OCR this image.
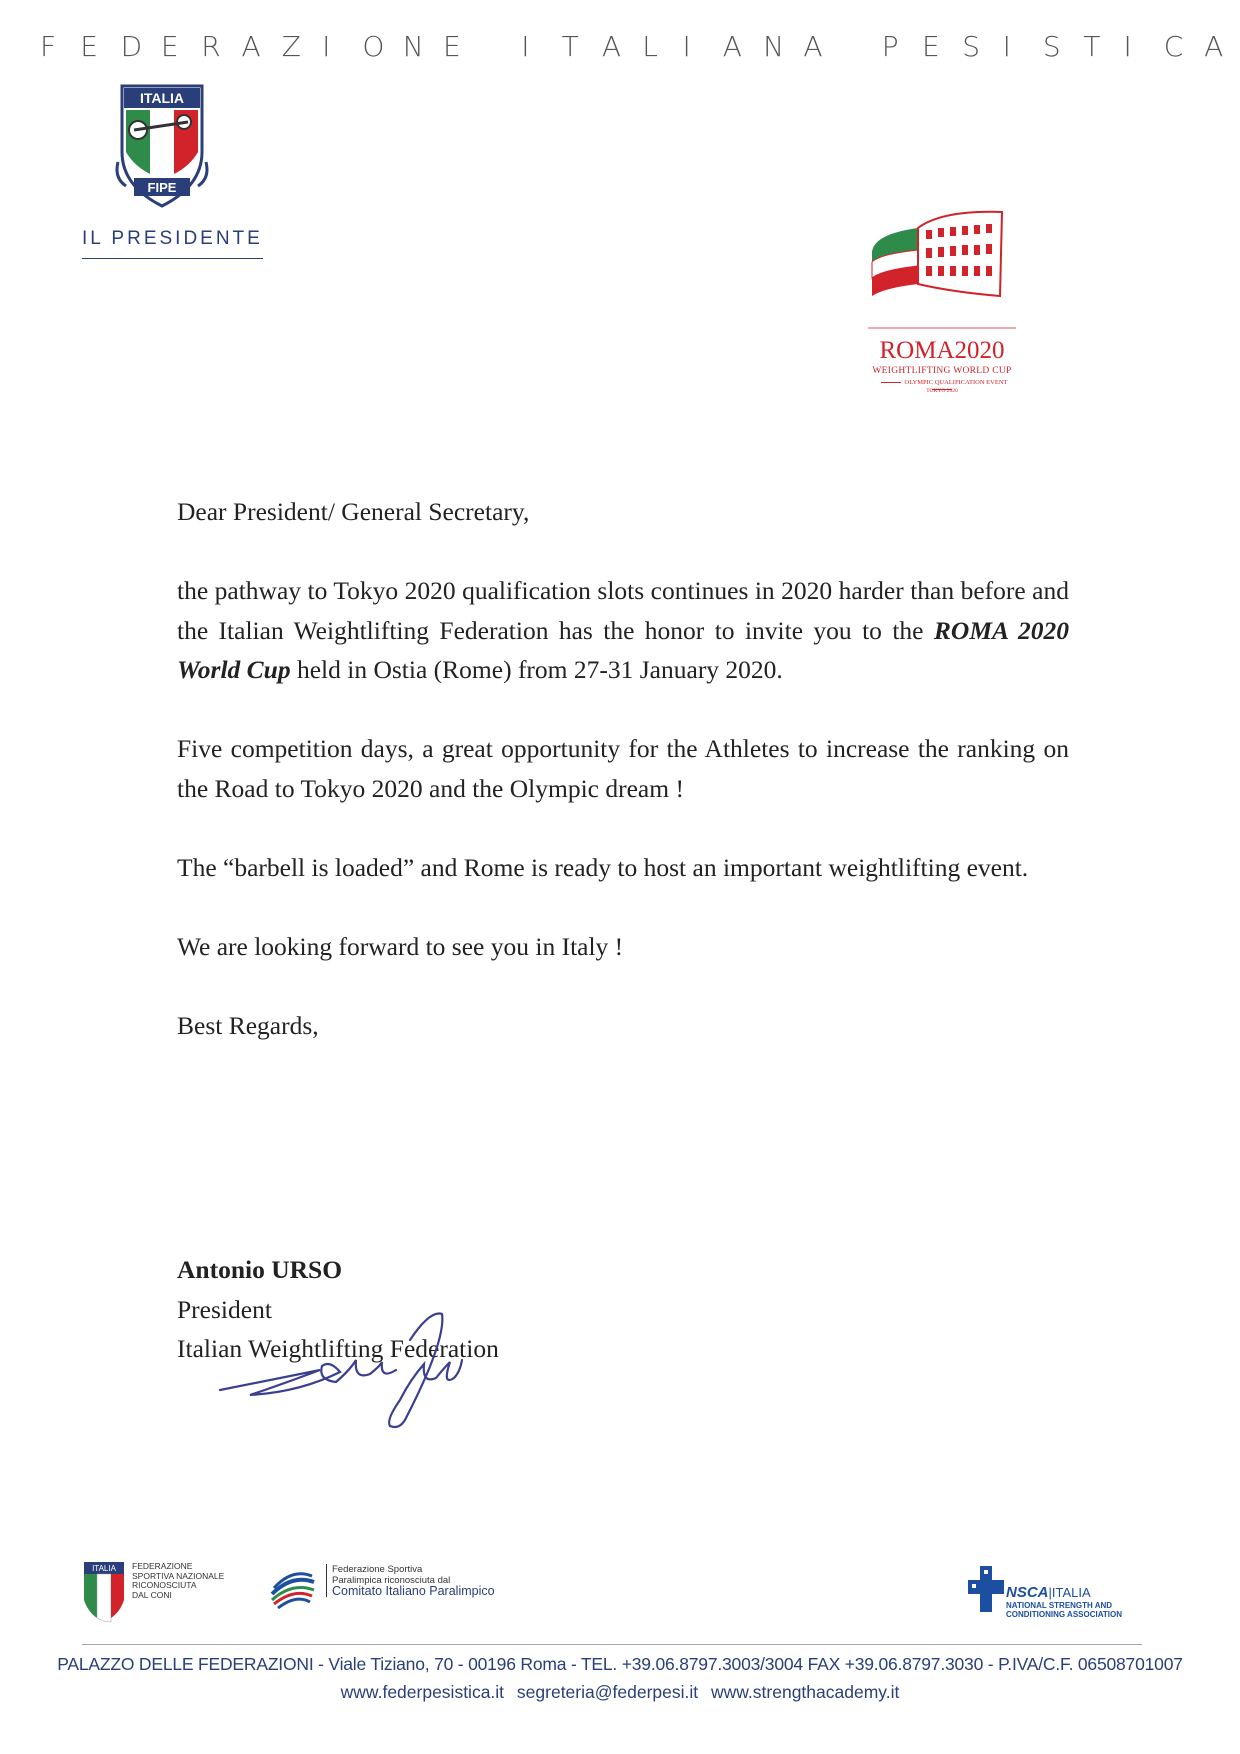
F E D E R A Z I O N E I T A L I A N A P E S I S T I C A
ITALIA
FIPE
IL PRESIDENTE
ROMA2020
WEIGHTLIFTING WORLD CUP
OLYMPIC QUALIFICATION EVENT
TOKYO 2020

Dear President/ General Secretary,

the pathway to Tokyo 2020 qualification slots continues in 2020 harder than before and the Italian Weightlifting Federation has the honor to invite you to the ROMA 2020 World Cup held in Ostia (Rome) from 27-31 January 2020.

Five competition days, a great opportunity for the Athletes to increase the ranking on the Road to Tokyo 2020 and the Olympic dream !

The “barbell is loaded” and Rome is ready to host an important weightlifting event.

We are looking forward to see you in Italy !

Best Regards,

Antonio URSO
President
Italian Weightlifting Federation
ITALIA FEDERAZIONE
SPORTIVA NAZIONALE
RICONOSCIUTA
DAL CONI
Federazione Sportiva
Paralimpica riconosciuta dal
Comitato Italiano Paralimpico	NSCA|ITALIA
NATIONAL STRENGTH AND
CONDITIONING ASSOCIATION
PALAZZO DELLE FEDERAZIONI - Viale Tiziano, 70 - 00196 Roma - TEL. +39.06.8797.3003/3004 FAX +39.06.8797.3030 - P.IVA/C.F. 06508701007
www.federpesistica.it segreteria@federpesi.it www.strengthacademy.it
